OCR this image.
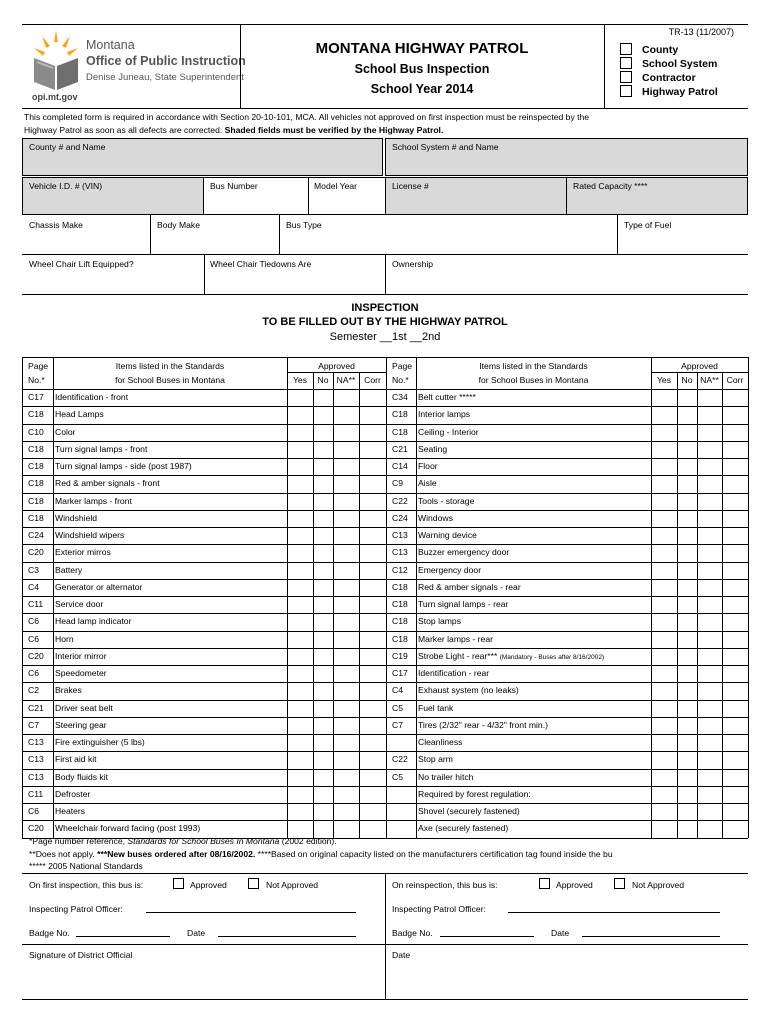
TR-13 (11/2007)
Montana
Office of Public Instruction
Denise Juneau, State Superintendent
opi.mt.gov
MONTANA HIGHWAY PATROL
School Bus Inspection
School Year 2014
County
School System
Contractor
Highway Patrol
This completed form is required in accordance with Section 20-10-101, MCA. All vehicles not approved on first inspection must be reinspected by the
Highway Patrol as soon as all defects are corrected. Shaded fields must be verified by the Highway Patrol.
County # and Name	School System # and Name
Vehicle I.D. # (VIN)	Bus Number	Model Year	License #	Rated Capacity ****
Chassis Make	Body Make	Bus Type	Type of Fuel
Wheel Chair Lift Equipped?	Wheel Chair Tiedowns Are	Ownership
INSPECTION
TO BE FILLED OUT BY THE HIGHWAY PATROL
Semester __1st __2nd
Page
No.*
Items listed in the Standards
for School Buses in Montana
Approved
Yes	No NA**	Corr
Page
No.*
Items listed in the Standards
for School Buses in Montana
Approved
Yes	No NA** Corr
C17 Identification - front
C18 Head Lamps
C10 Color
C18 Turn signal lamps - front
C18 Turn signal lamps - side (post 1987)
C18 Red & amber signals - front
C18 Marker lamps - front
C18 Windshield
C24 Windshield wipers
C20 Exterior mirros
C3 Battery
C4 Generator or alternator
C11 Service door
C6 Head lamp indicator
C6 Horn
C20 Interior mirror
C6 Speedometer
C2 Brakes
C21 Driver seat belt
C7 Steering gear
C13 Fire extinguisher (5 lbs)
C13 First aid kit
C13 Body fluids kit
C11 Defroster
C6 Heaters
C20 Wheelchair forward facing (post 1993)
C34 Belt cutter *****
C18 Interior lamps
C18 Ceiling - Interior
C21 Seating
C14 Floor
C9 Aisle
C22 Tools - storage
C24 Windows
C13 Warning device
C13 Buzzer emergency door
C12 Emergency door
C18 Red & amber signals - rear
C18 Turn signal lamps - rear
C18 Stop lamps
C18 Marker lamps - rear
C19 Strobe Light - rear*** (Mandatory - Buses after 8/16/2002)
C17 Identification - rear
C4 Exhaust system (no leaks)
C5 Fuel tank
C7 Tires (2/32" rear - 4/32" front min.)
Cleanliness
C22 Stop arm
C5 No trailer hitch
Required by forest regulation:
Shovel (securely fastened)
Axe (securely fastened)
*Page number reference, Standards for School Buses In Montana (2002 edition).
**Does not apply. ***New buses ordered after 08/16/2002. ****Based on original capacity listed on the manufacturers certification tag found inside the bu
***** 2005 National Standards
On first inspection, this bus is:	Approved	Not Approved	On reinspection, this bus is:	Approved	Not Approved
Inspecting Patrol Officer:	Inspecting Patrol Officer:
Badge No.	Date	Badge No.	Date
Signature of District Official	Date
